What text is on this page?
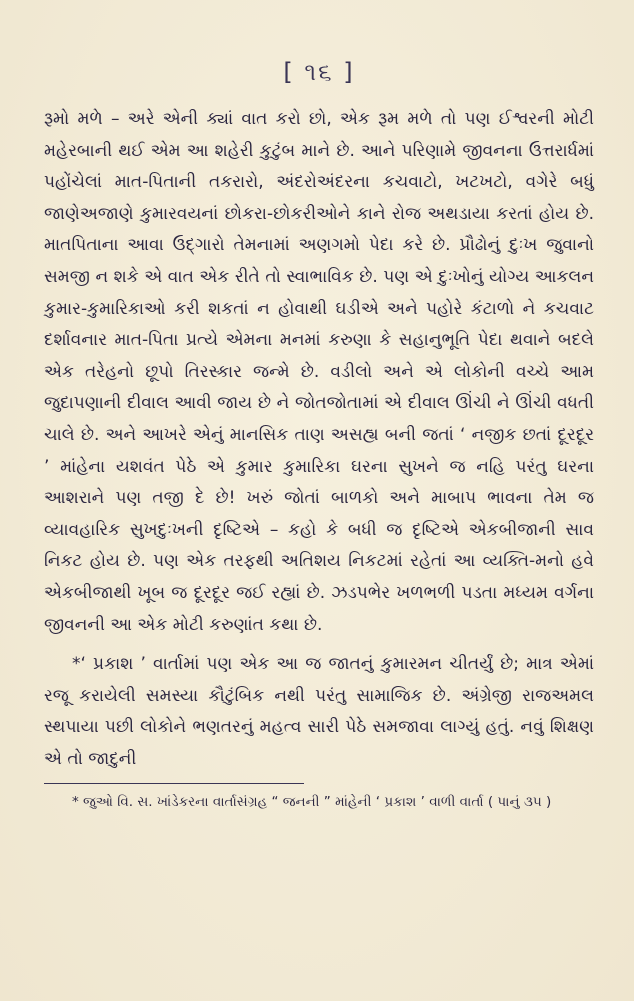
[ ૧૬ ]

રૂમો મળે – અરે એની ક્યાં વાત કરો છો, એક રૂમ મળે તો પણ ઈશ્વરની મોટી મહેરબાની થઈ એમ આ શહેરી કુટુંબ માને છે. આને પરિણામે જીવનના ઉત્તરાર્ધમાં પહોંચેલાં માત-પિતાની તકરારો, અંદરોઅંદરના કચવાટો, ખટખટો, વગેરે બધું જાણેઅજાણે કુમારવયનાં છોકરા-છોકરીઓને કાને રોજ અથડાયા કરતાં હોય છે. માતપિતાના આવા ઉદ્ગારો તેમનામાં અણગમો પેદા કરે છે. પ્રૌઢોનું દુઃખ જુવાનો સમજી ન શકે એ વાત એક રીતે તો સ્વાભાવિક છે. પણ એ દુઃખોનું યોગ્ય આકલન કુમાર-કુમારિકાઓ કરી શકતાં ન હોવાથી ઘડીએ અને પહોરે કંટાળો ને કચવાટ દર્શાવનાર માત-પિતા પ્રત્યે એમના મનમાં કરુણા કે સહાનુભૂતિ પેદા થવાને બદલે એક તરેહનો છૂપો તિરસ્કાર જન્મે છે. વડીલો અને એ લોકોની વચ્ચે આમ જુદાપણાની દીવાલ આવી જાય છે ને જોતજોતામાં એ દીવાલ ઊંચી ને ઊંચી વધતી ચાલે છે. અને આખરે એનું માનસિક તાણ અસહ્ય બની જતાં ‘ નજીક છતાં દૂરદૂર ’ માંહેના યશવંત પેઠે એ કુમાર કુમારિકા ઘરના સુખને જ નહિ પરંતુ ઘરના આશરાને પણ તજી દે છે! ખરું જોતાં બાળકો અને માબાપ ભાવના તેમ જ વ્યાવહારિક સુખદુઃખની દૃષ્ટિએ – કહો કે બધી જ દૃષ્ટિએ એકબીજાની સાવ નિકટ હોય છે. પણ એક તરફથી અતિશય નિકટમાં રહેતાં આ વ્યક્તિ-મનો હવે એકબીજાથી ખૂબ જ દૂરદૂર જઈ રહ્યાં છે. ઝડપભેર ખળભળી પડતા મધ્યમ વર્ગના જીવનની આ એક મોટી કરુણાંત કથા છે.

*‘ પ્રકાશ ’ વાર્તામાં પણ એક આ જ જાતનું કુમારમન ચીતર્યું છે; માત્ર એમાં રજૂ કરાયેલી સમસ્યા કૌટુંબિક નથી પરંતુ સામાજિક છે. અંગ્રેજી રાજઅમલ સ્થપાયા પછી લોકોને ભણતરનું મહત્વ સારી પેઠે સમજાવા લાગ્યું હતું. નવું શિક્ષણ એ તો જાદુની

* જુઓ વિ. સ. ખાંડેકરના વાર્તાસંગ્રહ “ જનની ” માંહેની ‘ પ્રકાશ ’ વાળી વાર્તા ( પાનું ૩૫ )
